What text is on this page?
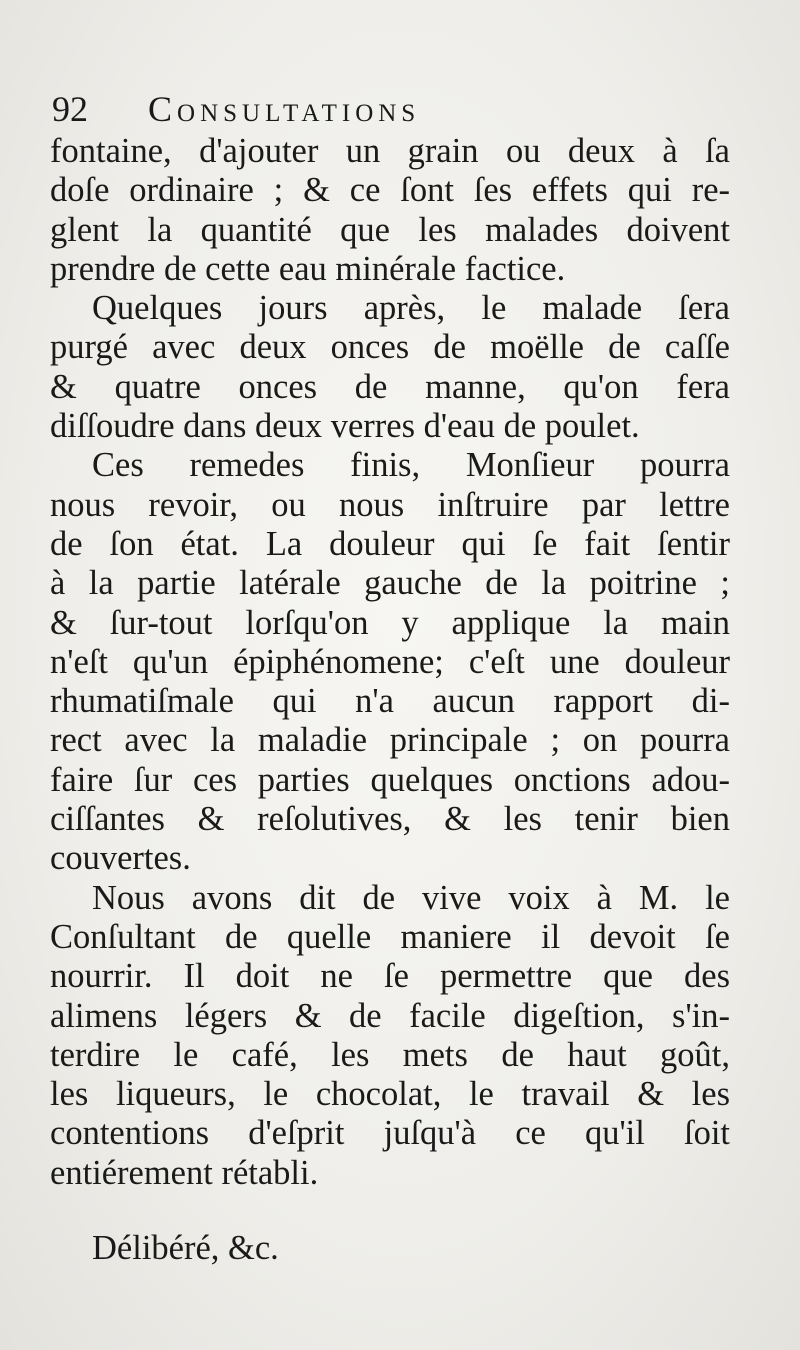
92 Consultations
fontaine, d'ajouter un grain ou deux à ſa
doſe ordinaire ; & ce ſont ſes effets qui re-
glent la quantité que les malades doivent
prendre de cette eau minérale factice.
Quelques jours après, le malade ſera
purgé avec deux onces de moëlle de caſſe
& quatre onces de manne, qu'on fera
diſſoudre dans deux verres d'eau de poulet.
Ces remedes finis, Monſieur pourra
nous revoir, ou nous inſtruire par lettre
de ſon état. La douleur qui ſe fait ſentir
à la partie latérale gauche de la poitrine ;
& ſur-tout lorſqu'on y applique la main
n'eſt qu'un épiphénomene; c'eſt une douleur
rhumatiſmale qui n'a aucun rapport di-
rect avec la maladie principale ; on pourra
faire ſur ces parties quelques onctions adou-
ciſſantes & reſolutives, & les tenir bien
couvertes.
Nous avons dit de vive voix à M. le
Conſultant de quelle maniere il devoit ſe
nourrir. Il doit ne ſe permettre que des
alimens légers & de facile digeſtion, s'in-
terdire le café, les mets de haut goût,
les liqueurs, le chocolat, le travail & les
contentions d'eſprit juſqu'à ce qu'il ſoit
entiérement rétabli.
Délibéré, &c.
